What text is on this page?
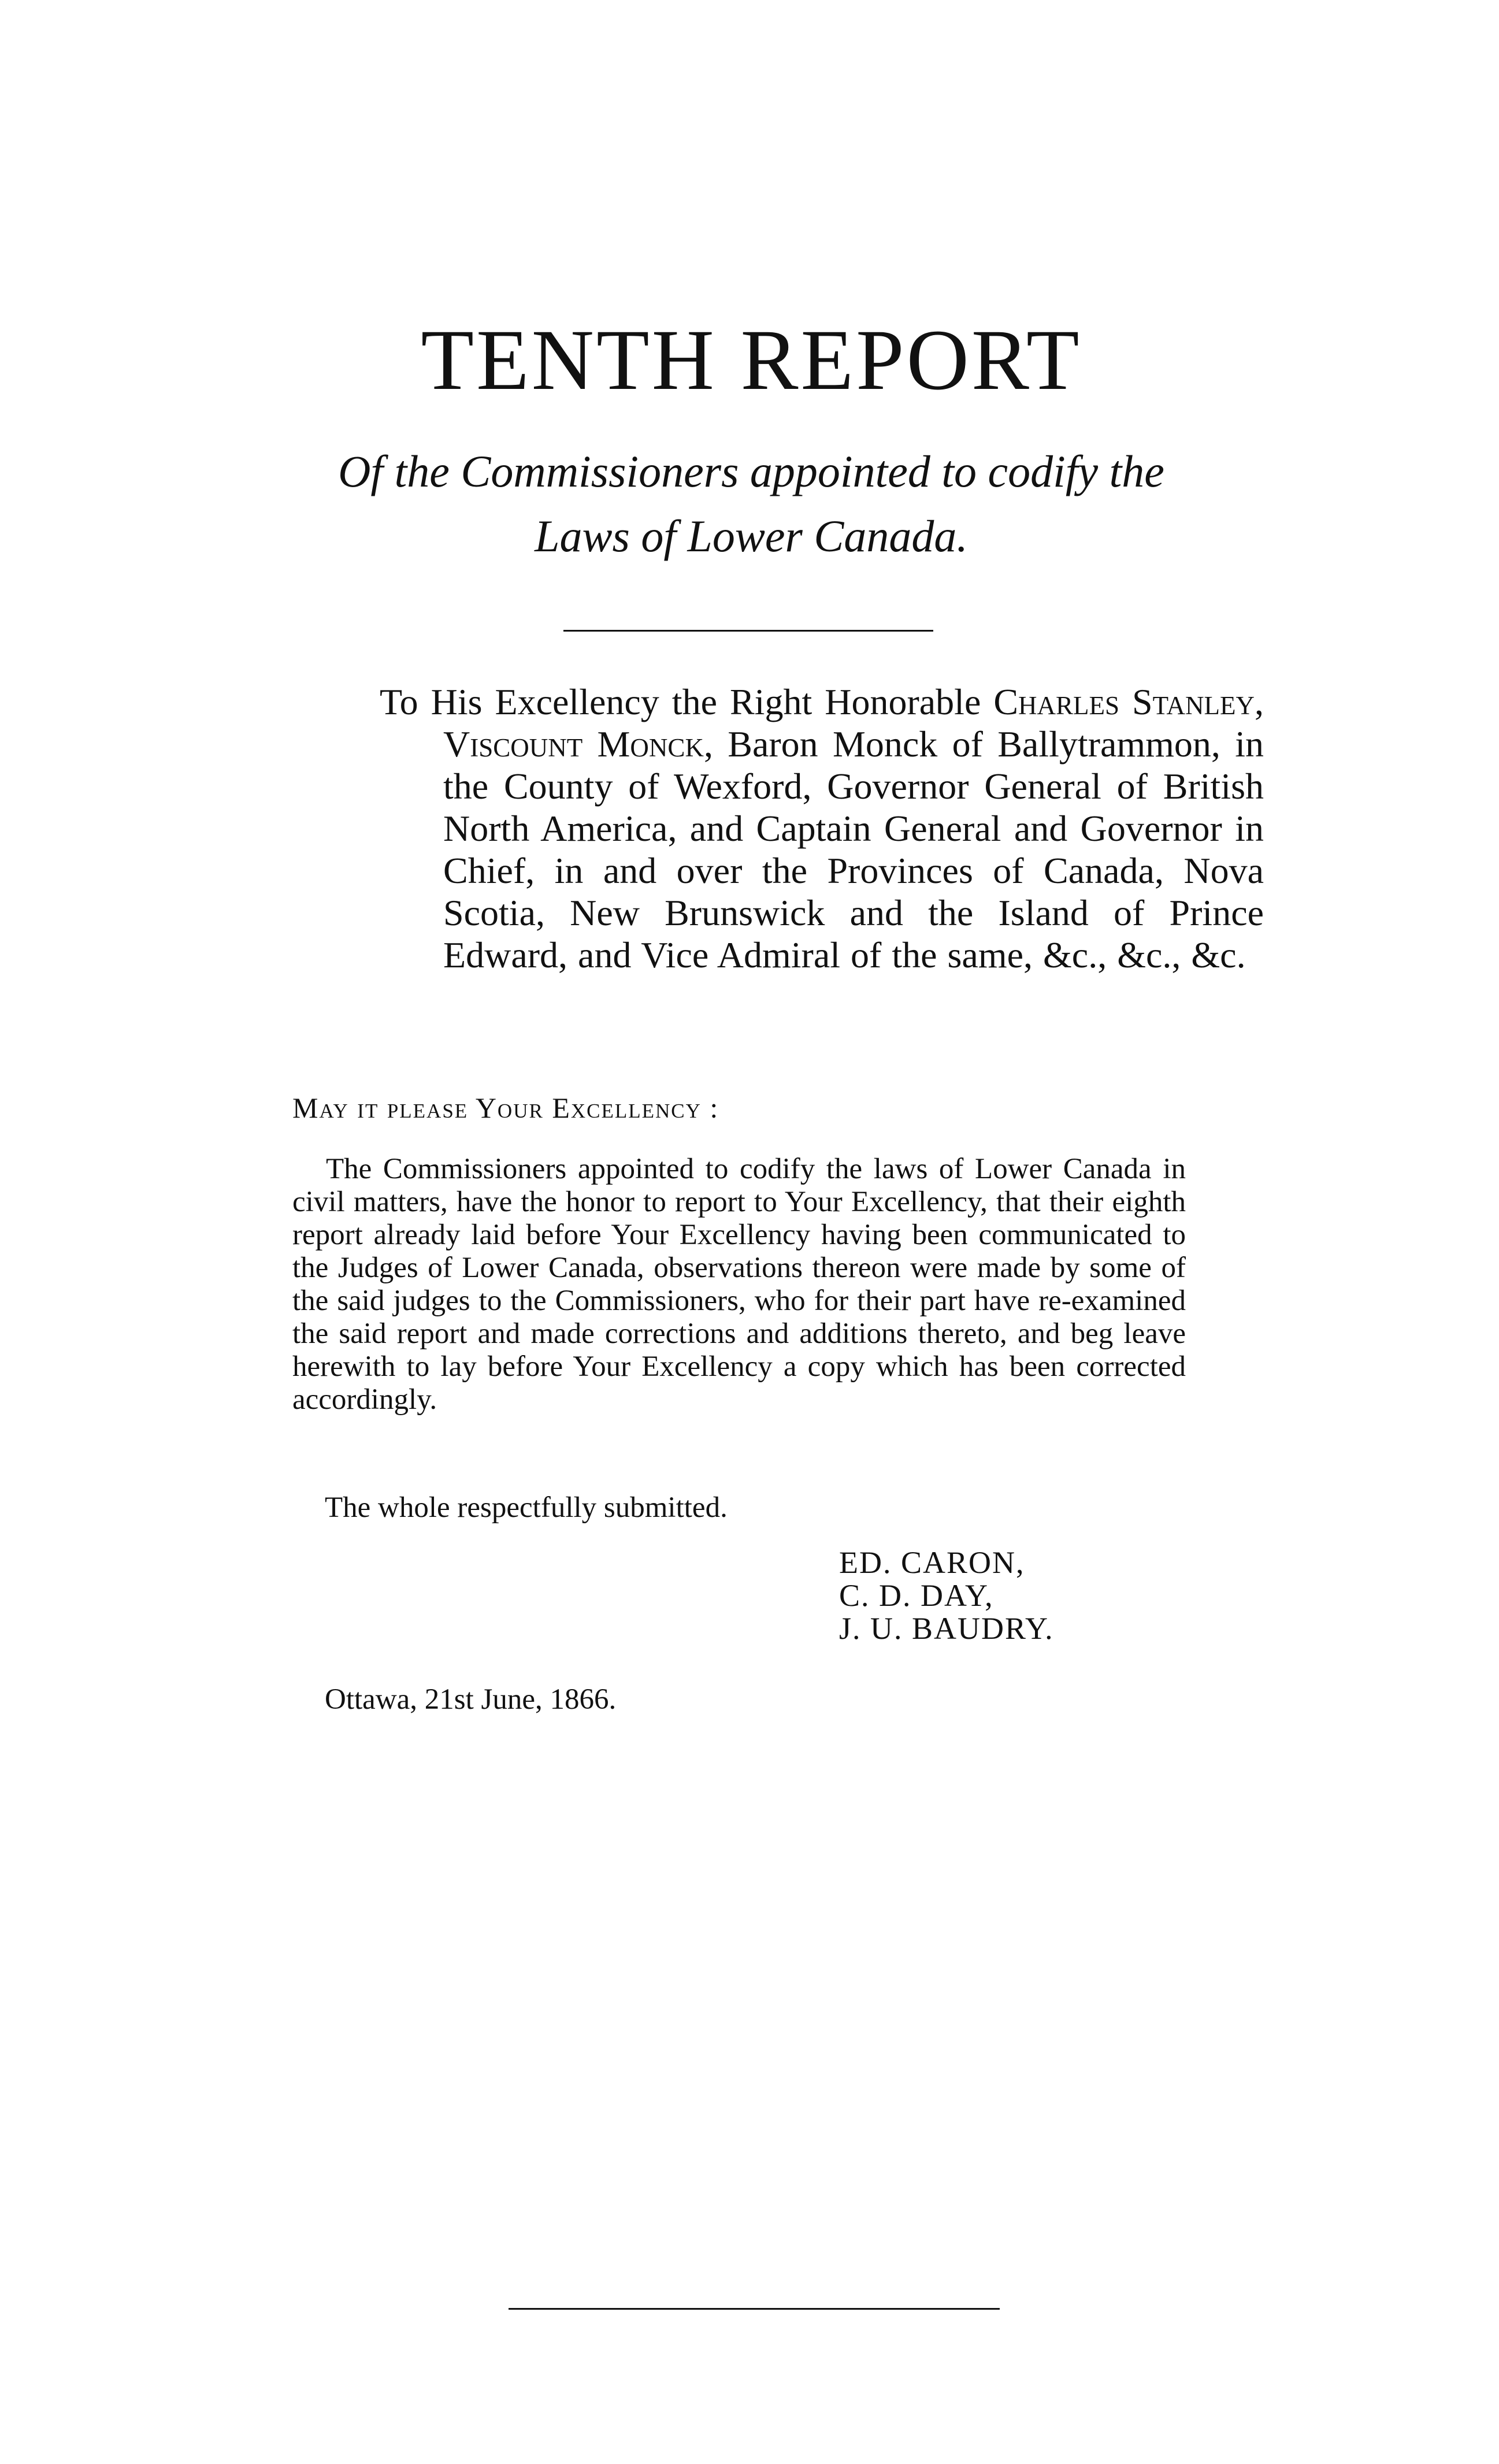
TENTH REPORT
Of the Commissioners appointed to codify the
Laws of Lower Canada.
To His Excellency the Right Honorable Charles Stanley, Viscount Monck, Baron Monck of Ballytrammon, in the County of Wexford, Governor General of British North America, and Captain General and Governor in Chief, in and over the Provinces of Canada, Nova Scotia, New Brunswick and the Island of Prince Edward, and Vice Admiral of the same, &c., &c., &c.
May it please Your Excellency :
The Commissioners appointed to codify the laws of Lower Canada in civil matters, have the honor to report to Your Excellency, that their eighth report already laid before Your Excellency having been communicated to the Judges of Lower Canada, observations thereon were made by some of the said judges to the Commissioners, who for their part have re-examined the said report and made corrections and additions thereto, and beg leave herewith to lay before Your Excellency a copy which has been corrected accordingly.
The whole respectfully submitted.
ED. CARON,
C. D. DAY,
J. U. BAUDRY.
Ottawa, 21st June, 1866.
